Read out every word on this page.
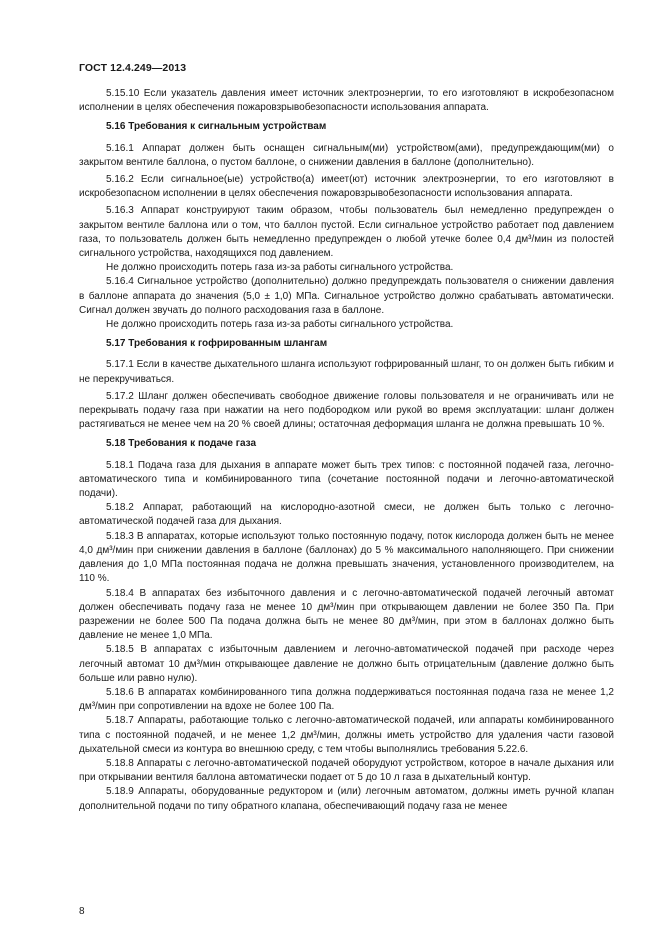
ГОСТ 12.4.249—2013

5.15.10 Если указатель давления имеет источник электроэнергии, то его изготовляют в искробезопасном исполнении в целях обеспечения пожаровзрывобезопасности использования аппарата.

5.16 Требования к сигнальным устройствам

5.16.1 Аппарат должен быть оснащен сигнальным(ми) устройством(ами), предупреждающим(ми) о закрытом вентиле баллона, о пустом баллоне, о снижении давления в баллоне (дополнительно).

5.16.2 Если сигнальное(ые) устройство(а) имеет(ют) источник электроэнергии, то его изготовляют в искробезопасном исполнении в целях обеспечения пожаровзрывобезопасности использования аппарата.

5.16.3 Аппарат конструируют таким образом, чтобы пользователь был немедленно предупрежден о закрытом вентиле баллона или о том, что баллон пустой. Если сигнальное устройство работает под давлением газа, то пользователь должен быть немедленно предупрежден о любой утечке более 0,4 дм³/мин из полостей сигнального устройства, находящихся под давлением.

Не должно происходить потерь газа из-за работы сигнального устройства.

5.16.4 Сигнальное устройство (дополнительно) должно предупреждать пользователя о снижении давления в баллоне аппарата до значения (5,0 ± 1,0) МПа. Сигнальное устройство должно срабатывать автоматически. Сигнал должен звучать до полного расходования газа в баллоне.

Не должно происходить потерь газа из-за работы сигнального устройства.

5.17 Требования к гофрированным шлангам

5.17.1 Если в качестве дыхательного шланга используют гофрированный шланг, то он должен быть гибким и не перекручиваться.

5.17.2 Шланг должен обеспечивать свободное движение головы пользователя и не ограничивать или не перекрывать подачу газа при нажатии на него подбородком или рукой во время эксплуатации: шланг должен растягиваться не менее чем на 20 % своей длины; остаточная деформация шланга не должна превышать 10 %.

5.18 Требования к подаче газа

5.18.1 Подача газа для дыхания в аппарате может быть трех типов: с постоянной подачей газа, легочно-автоматического типа и комбинированного типа (сочетание постоянной подачи и легочно-автоматической подачи).

5.18.2 Аппарат, работающий на кислородно-азотной смеси, не должен быть только с легочно-автоматической подачей газа для дыхания.

5.18.3 В аппаратах, которые используют только постоянную подачу, поток кислорода должен быть не менее 4,0 дм³/мин при снижении давления в баллоне (баллонах) до 5 % максимального наполняющего. При снижении давления до 1,0 МПа постоянная подача не должна превышать значения, установленного производителем, на 110 %.

5.18.4 В аппаратах без избыточного давления и с легочно-автоматической подачей легочный автомат должен обеспечивать подачу газа не менее 10 дм³/мин при открывающем давлении не более 350 Па. При разрежении не более 500 Па подача должна быть не менее 80 дм³/мин, при этом в баллонах должно быть давление не менее 1,0 МПа.

5.18.5 В аппаратах с избыточным давлением и легочно-автоматической подачей при расходе через легочный автомат 10 дм³/мин открывающее давление не должно быть отрицательным (давление должно быть больше или равно нулю).

5.18.6 В аппаратах комбинированного типа должна поддерживаться постоянная подача газа не менее 1,2 дм³/мин при сопротивлении на вдохе не более 100 Па.

5.18.7 Аппараты, работающие только с легочно-автоматической подачей, или аппараты комбинированного типа с постоянной подачей, и не менее 1,2 дм³/мин, должны иметь устройство для удаления части газовой дыхательной смеси из контура во внешнюю среду, с тем чтобы выполнялись требования 5.22.6.

5.18.8 Аппараты с легочно-автоматической подачей оборудуют устройством, которое в начале дыхания или при открывании вентиля баллона автоматически подает от 5 до 10 л газа в дыхательный контур.

5.18.9 Аппараты, оборудованные редуктором и (или) легочным автоматом, должны иметь ручной клапан дополнительной подачи по типу обратного клапана, обеспечивающий подачу газа не менее

8
